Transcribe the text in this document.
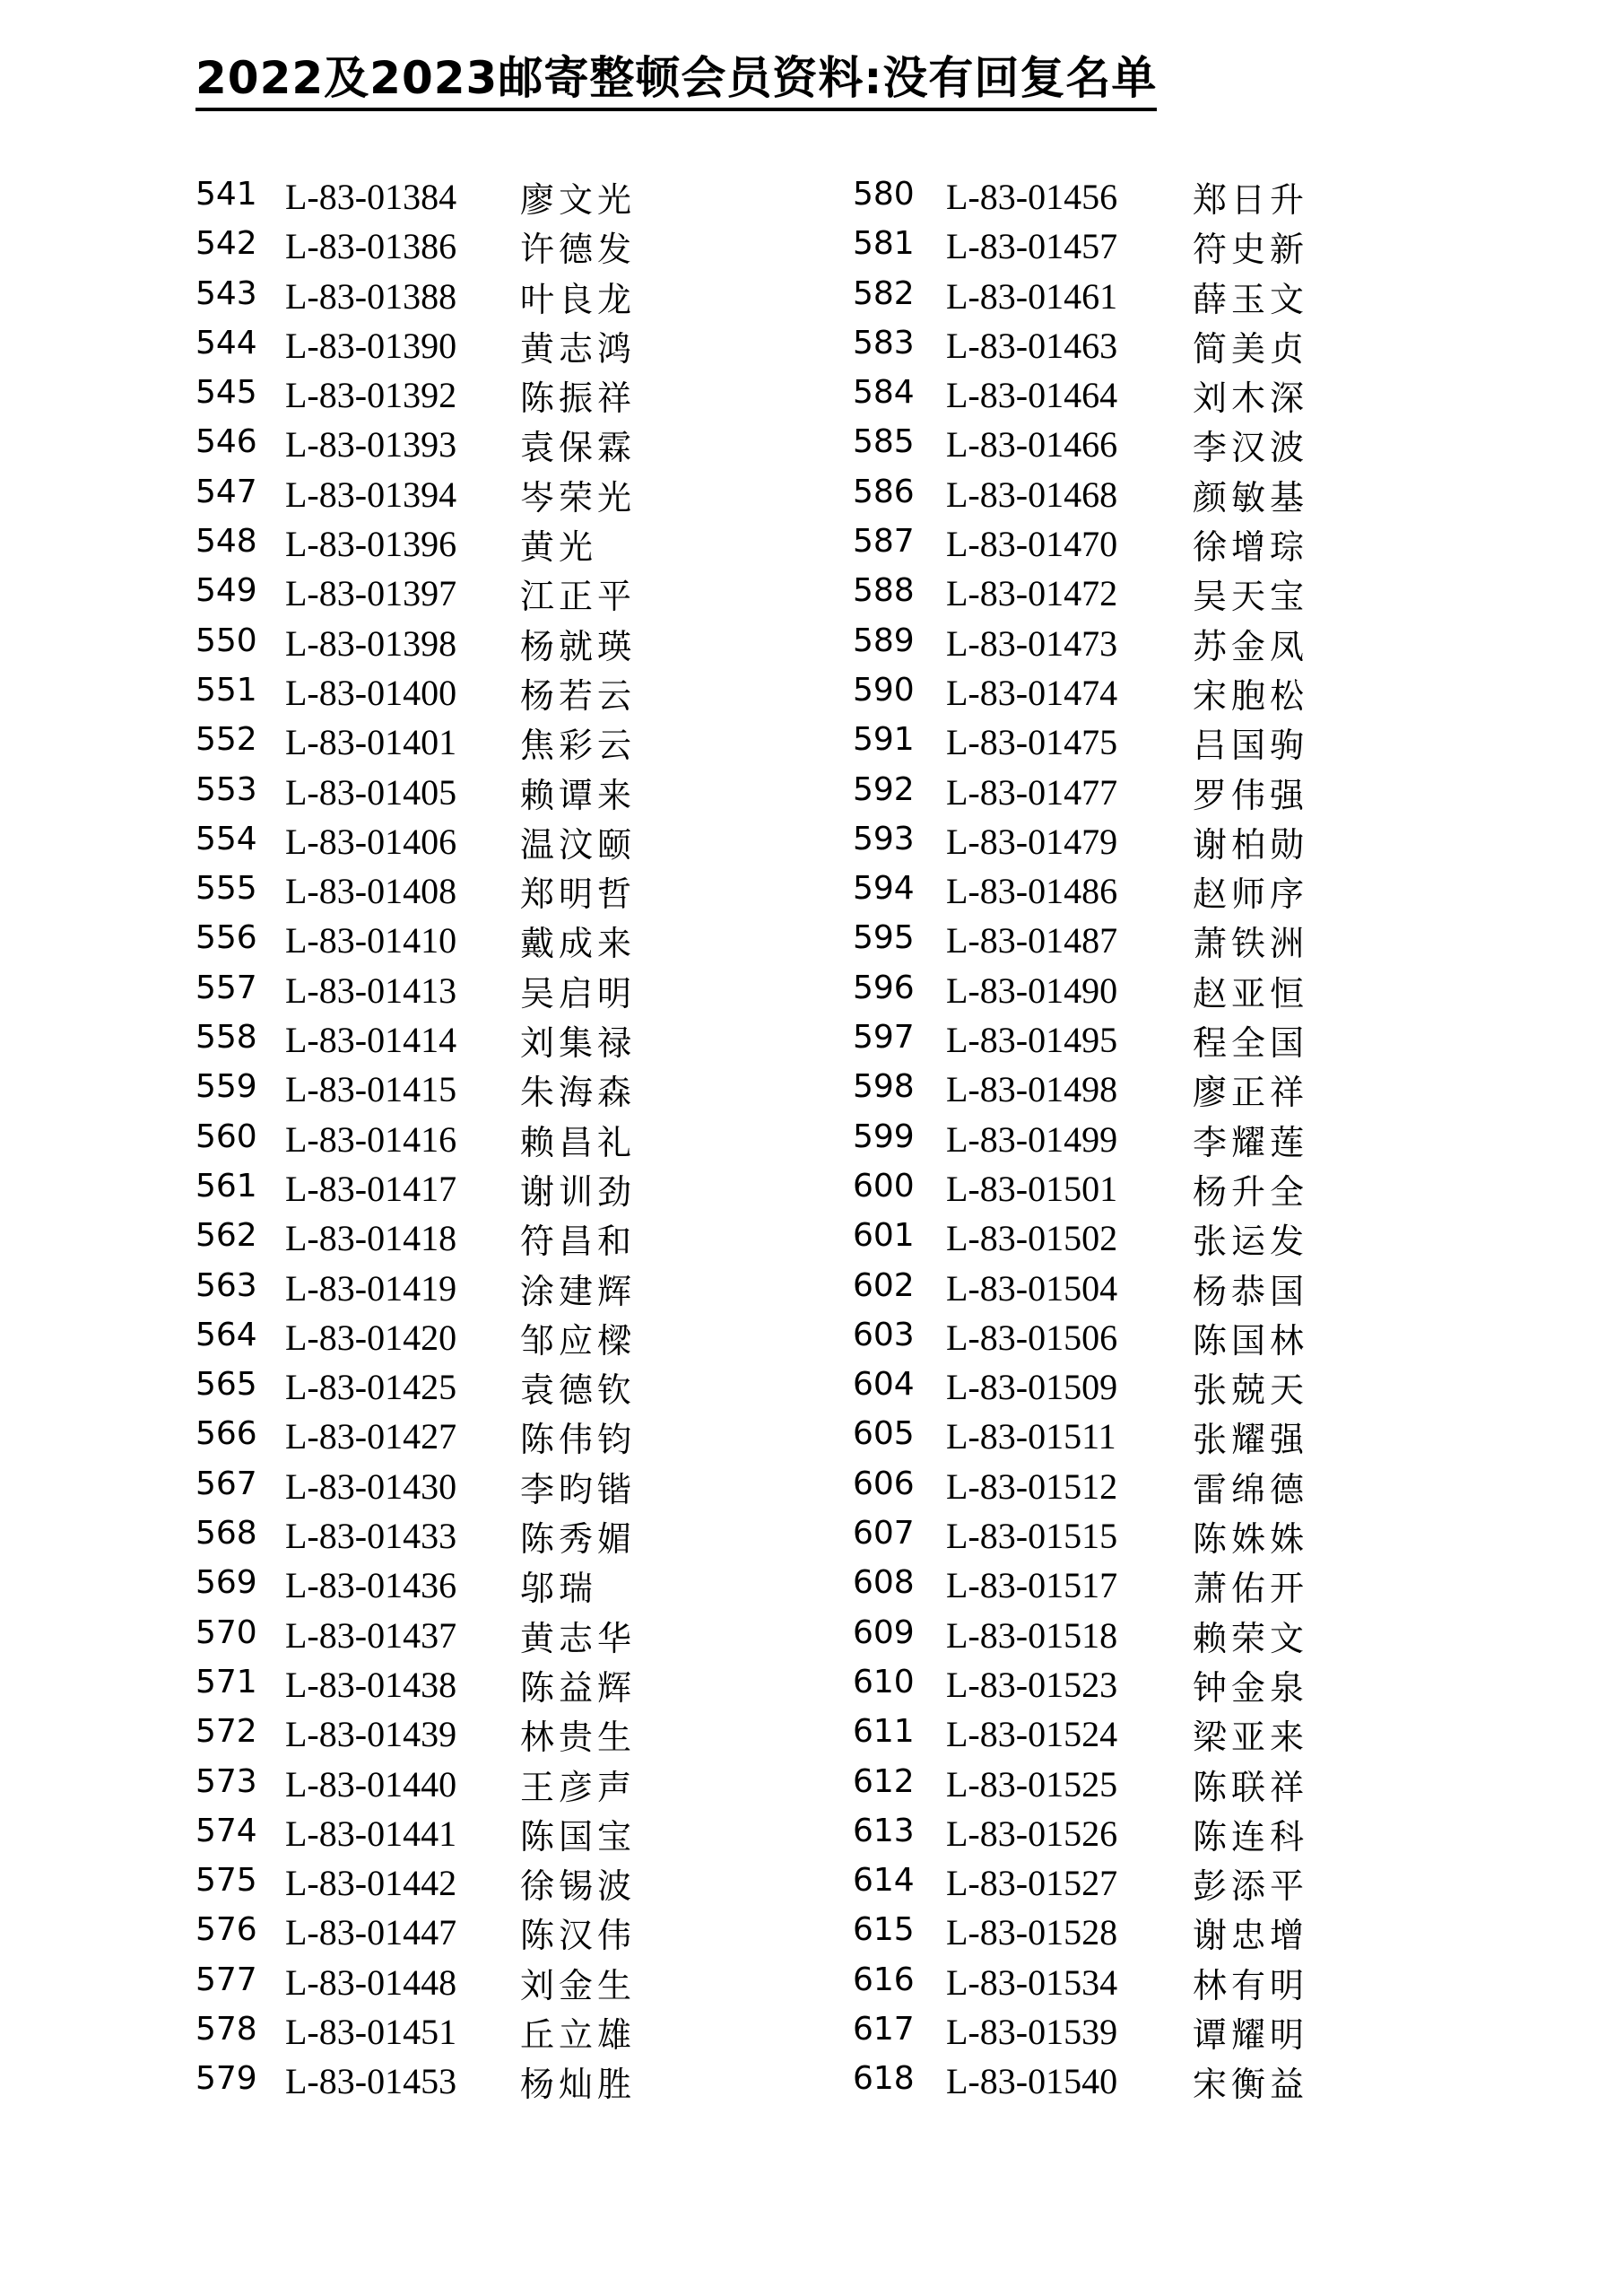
2022及2023邮寄整顿会员资料:没有回复名单
541 L-83-01384 廖文光
542 L-83-01386 许德发
543 L-83-01388 叶良龙
544 L-83-01390 黄志鸿
545 L-83-01392 陈振祥
546 L-83-01393 袁保霖
547 L-83-01394 岑荣光
548 L-83-01396 黄光
549 L-83-01397 江正平
550 L-83-01398 杨就瑛
551 L-83-01400 杨若云
552 L-83-01401 焦彩云
553 L-83-01405 赖谭来
554 L-83-01406 温汶颐
555 L-83-01408 郑明哲
556 L-83-01410 戴成来
557 L-83-01413 吴启明
558 L-83-01414 刘集禄
559 L-83-01415 朱海森
560 L-83-01416 赖昌礼
561 L-83-01417 谢训劲
562 L-83-01418 符昌和
563 L-83-01419 涂建辉
564 L-83-01420 邹应樑
565 L-83-01425 袁德钦
566 L-83-01427 陈伟钧
567 L-83-01430 李昀锴
568 L-83-01433 陈秀媚
569 L-83-01436 邬瑞
570 L-83-01437 黄志华
571 L-83-01438 陈益辉
572 L-83-01439 林贵生
573 L-83-01440 王彦声
574 L-83-01441 陈国宝
575 L-83-01442 徐锡波
576 L-83-01447 陈汉伟
577 L-83-01448 刘金生
578 L-83-01451 丘立雄
579 L-83-01453 杨灿胜
580 L-83-01456 郑日升
581 L-83-01457 符史新
582 L-83-01461 薛玉文
583 L-83-01463 简美贞
584 L-83-01464 刘木深
585 L-83-01466 李汉波
586 L-83-01468 颜敏基
587 L-83-01470 徐增琮
588 L-83-01472 吴天宝
589 L-83-01473 苏金凤
590 L-83-01474 宋胞松
591 L-83-01475 吕国驹
592 L-83-01477 罗伟强
593 L-83-01479 谢柏勋
594 L-83-01486 赵师序
595 L-83-01487 萧铁洲
596 L-83-01490 赵亚恒
597 L-83-01495 程全国
598 L-83-01498 廖正祥
599 L-83-01499 李耀莲
600 L-83-01501 杨升全
601 L-83-01502 张运发
602 L-83-01504 杨恭国
603 L-83-01506 陈国林
604 L-83-01509 张兢天
605 L-83-01511 张耀强
606 L-83-01512 雷绵德
607 L-83-01515 陈姝姝
608 L-83-01517 萧佑开
609 L-83-01518 赖荣文
610 L-83-01523 钟金泉
611 L-83-01524 梁亚来
612 L-83-01525 陈联祥
613 L-83-01526 陈连科
614 L-83-01527 彭添平
615 L-83-01528 谢忠增
616 L-83-01534 林有明
617 L-83-01539 谭耀明
618 L-83-01540 宋衡益
